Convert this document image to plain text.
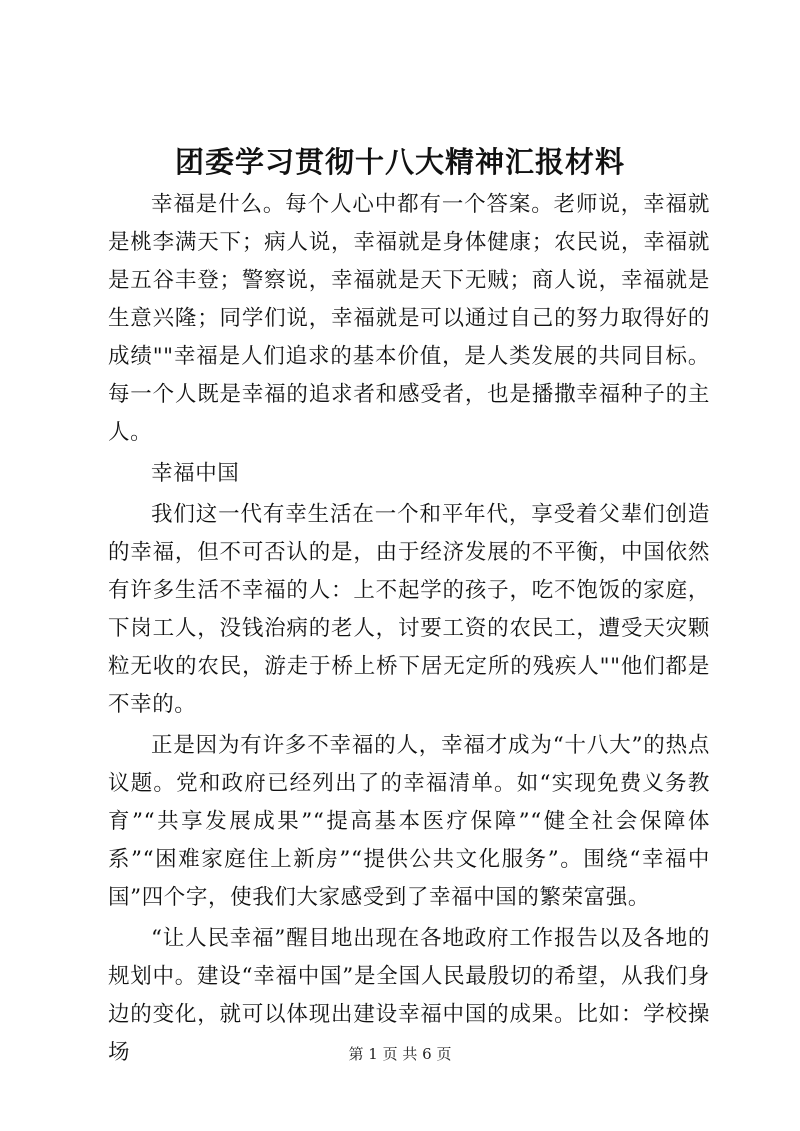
团委学习贯彻十八大精神汇报材料

幸福是什么。每个人心中都有一个答案。老师说，幸福就是桃李满天下；病人说，幸福就是身体健康；农民说，幸福就是五谷丰登；警察说，幸福就是天下无贼；商人说，幸福就是生意兴隆；同学们说，幸福就是可以通过自己的努力取得好的成绩""幸福是人们追求的基本价值，是人类发展的共同目标。每一个人既是幸福的追求者和感受者，也是播撒幸福种子的主人。

幸福中国

我们这一代有幸生活在一个和平年代，享受着父辈们创造的幸福，但不可否认的是，由于经济发展的不平衡，中国依然有许多生活不幸福的人：上不起学的孩子，吃不饱饭的家庭，下岗工人，没钱治病的老人，讨要工资的农民工，遭受天灾颗粒无收的农民，游走于桥上桥下居无定所的残疾人""他们都是不幸的。

正是因为有许多不幸福的人，幸福才成为“十八大”的热点议题。党和政府已经列出了的幸福清单。如“实现免费义务教育”“共享发展成果”“提高基本医疗保障”“健全社会保障体系”“困难家庭住上新房”“提供公共文化服务”。围绕“幸福中国”四个字，使我们大家感受到了幸福中国的繁荣富强。

“让人民幸福”醒目地出现在各地政府工作报告以及各地的规划中。建设“幸福中国”是全国人民最殷切的希望，从我们身边的变化，就可以体现出建设幸福中国的成果。比如：学校操场	第 1 页 共 6 页
